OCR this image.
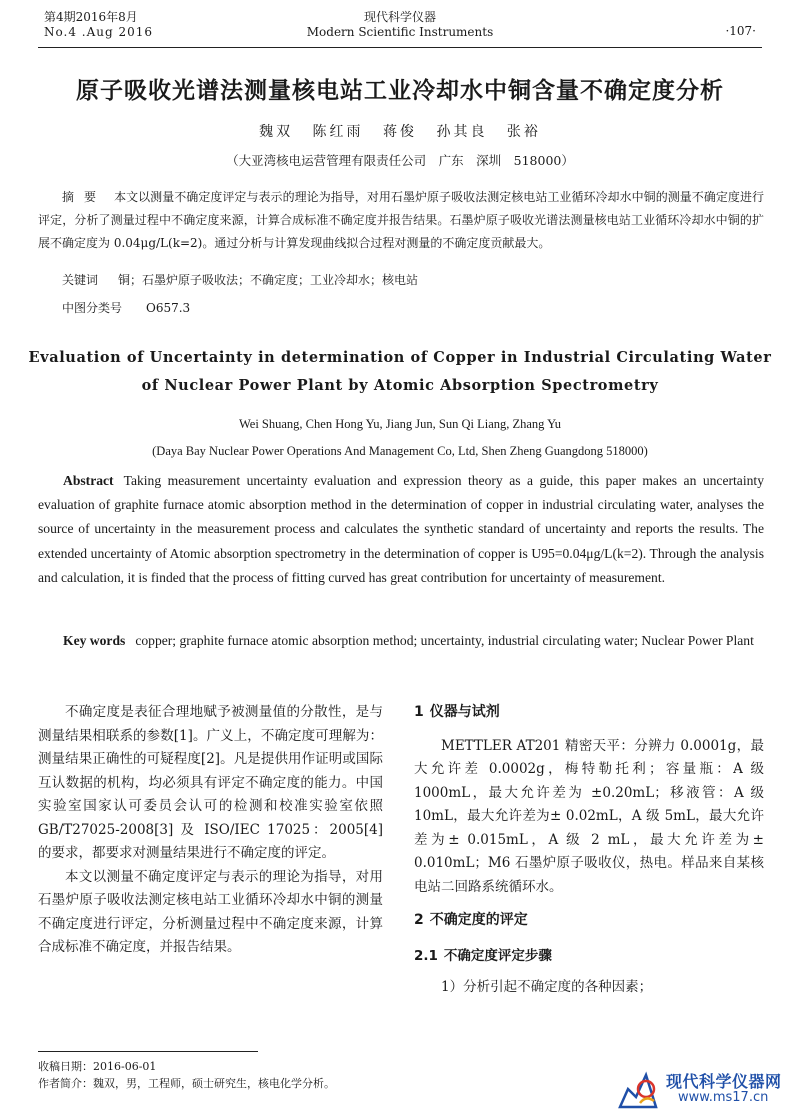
第4期2016年8月
No.4 .Aug 2016
现代科学仪器
Modern Scientific Instruments	·107·
原子吸收光谱法测量核电站工业冷却水中铜含量不确定度分析
魏双 陈红雨 蒋俊 孙其良 张裕
（大亚湾核电运营管理有限责任公司　广东　深圳　518000）
摘要 本文以测量不确定度评定与表示的理论为指导，对用石墨炉原子吸收法测定核电站工业循环冷却水中铜的测量不确定度进行评定，分析了测量过程中不确定度来源，计算合成标准不确定度并报告结果。石墨炉原子吸收光谱法测量核电站工业循环冷却水中铜的扩展不确定度为 0.04μg/L(k=2)。通过分析与计算发现曲线拟合过程对测量的不确定度贡献最大。
关键词 铜；石墨炉原子吸收法；不确定度；工业冷却水；核电站
中图分类号 O657.3
Evaluation of Uncertainty in determination of Copper in Industrial Circulating Water of Nuclear Power Plant by Atomic Absorption Spectrometry
Wei Shuang, Chen Hong Yu, Jiang Jun, Sun Qi Liang, Zhang Yu
(Daya Bay Nuclear Power Operations And Management Co, Ltd, Shen Zheng Guangdong 518000)
Abstract Taking measurement uncertainty evaluation and expression theory as a guide, this paper makes an uncertainty evaluation of graphite furnace atomic absorption method in the determination of copper in industrial circulating water, analyses the source of uncertainty in the measurement process and calculates the synthetic standard of uncertainty and reports the results. The extended uncertainty of Atomic absorption spectrometry in the determination of copper is U95=0.04μg/L(k=2). Through the analysis and calculation, it is finded that the process of fitting curved has great contribution for uncertainty of measurement.
Key words copper; graphite furnace atomic absorption method; uncertainty, industrial circulating water; Nuclear Power Plant

不确定度是表征合理地赋予被测量值的分散性，是与测量结果相联系的参数[1]。广义上，不确定度可理解为：测量结果正确性的可疑程度[2]。凡是提供用作证明或国际互认数据的机构，均必须具有评定不确定度的能力。中国实验室国家认可委员会认可的检测和校准实验室依照 GB/T27025-2008[3] 及 ISO/IEC 17025：2005[4] 的要求，都要求对测量结果进行不确定度的评定。

本文以测量不确定度评定与表示的理论为指导，对用石墨炉原子吸收法测定核电站工业循环冷却水中铜的测量不确定度进行评定，分析测量过程中不确定度来源，计算合成标准不确定度，并报告结果。

1 仪器与试剂

METTLER AT201 精密天平：分辨力 0.0001g，最大允许差 0.0002g，梅特勒托利；容量瓶：A 级 1000mL，最大允许差为 ±0.20mL；移液管：A 级 10mL，最大允许差为± 0.02mL，A 级 5mL，最大允许差为± 0.015mL，A 级 2 mL，最大允许差为± 0.010mL；M6 石墨炉原子吸收仪，热电。样品来自某核电站二回路系统循环水。

2 不确定度的评定
2.1 不确定度评定步骤

1）分析引起不确定度的各种因素；

收稿日期：2016-06-01
作者简介：魏双，男，工程师，硕士研究生，核电化学分析。	现代科学仪器网
www.ms17.cn
